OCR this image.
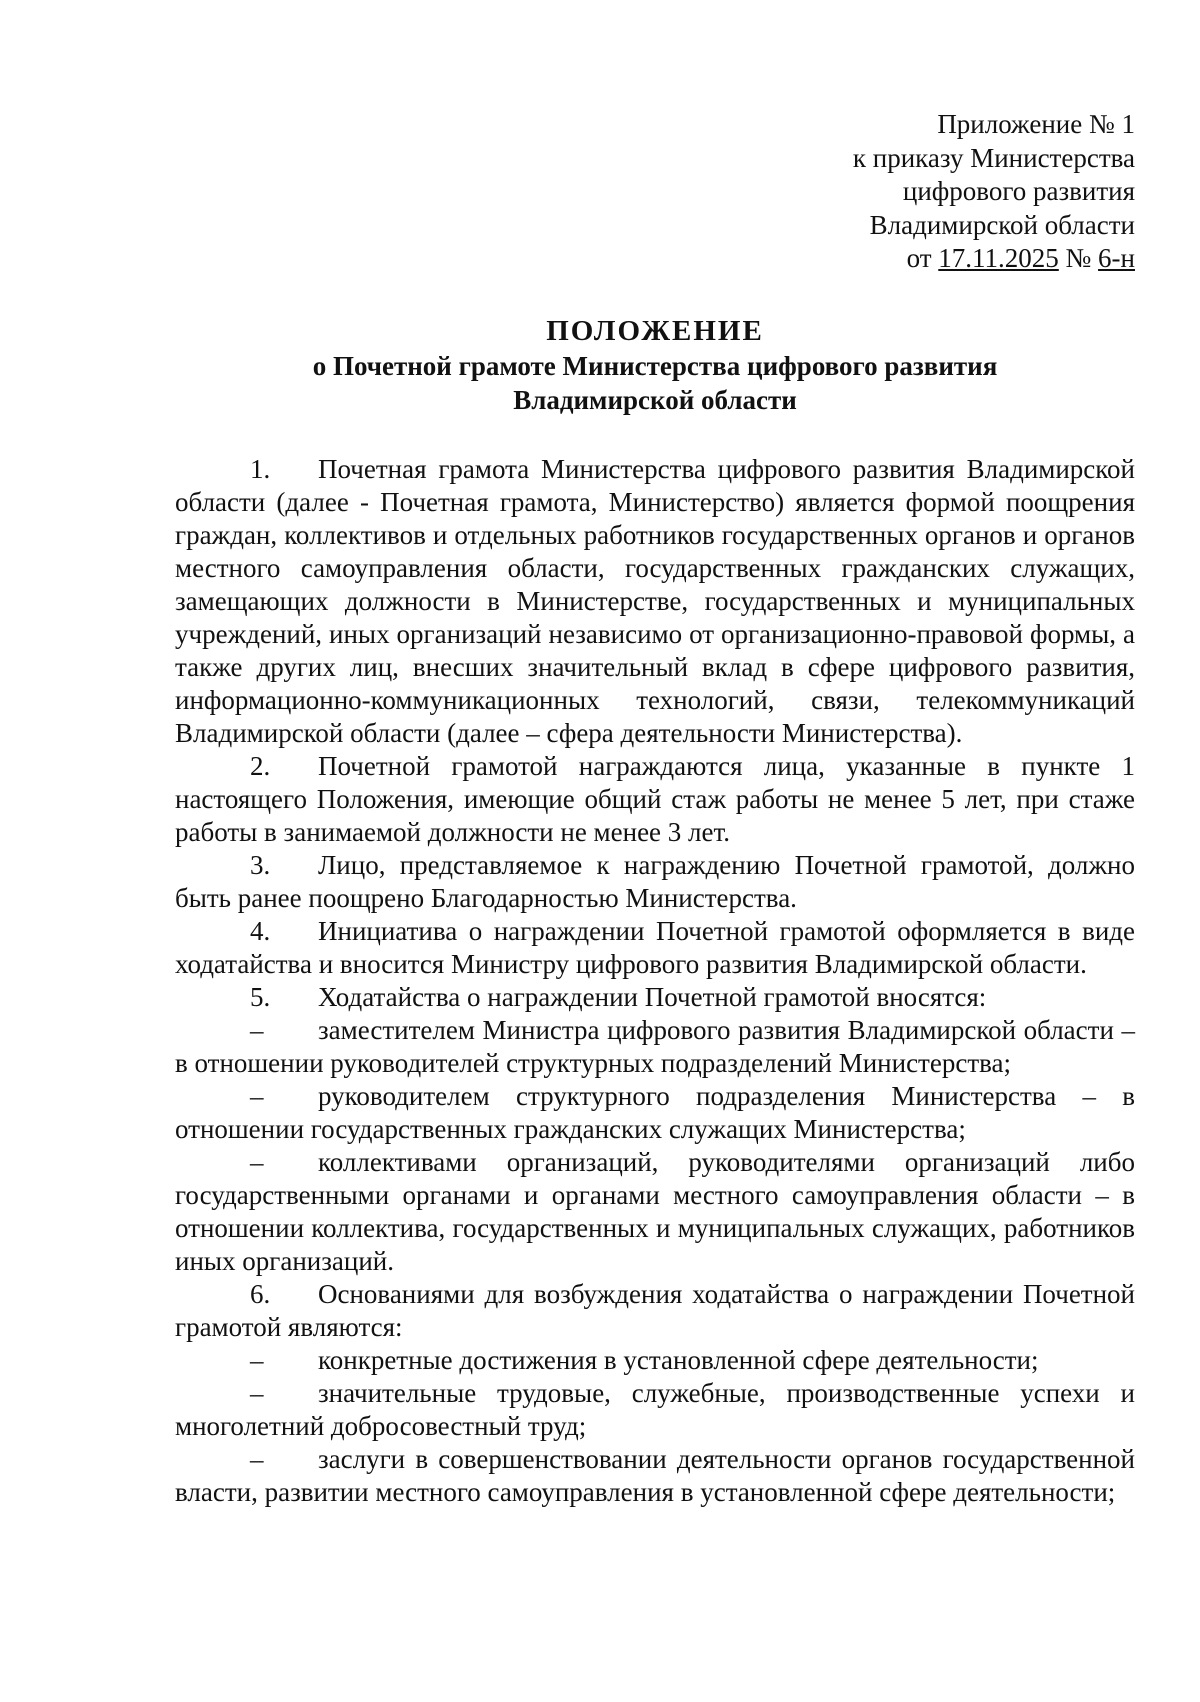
Приложение № 1
к приказу Министерства
цифрового развития
Владимирской области
от 17.11.2025 № 6-н
ПОЛОЖЕНИЕ
о Почетной грамоте Министерства цифрового развития
Владимирской области

1. Почетная грамота Министерства цифрового развития Владимирской области (далее - Почетная грамота, Министерство) является формой поощрения граждан, коллективов и отдельных работников государственных органов и органов местного самоуправления области, государственных гражданских служащих, замещающих должности в Министерстве, государственных и муниципальных учреждений, иных организаций независимо от организационно-правовой формы, а также других лиц, внесших значительный вклад в сфере цифрового развития, информационно-коммуникационных технологий, связи, телекоммуникаций Владимирской области (далее – сфера деятельности Министерства).

2. Почетной грамотой награждаются лица, указанные в пункте 1 настоящего Положения, имеющие общий стаж работы не менее 5 лет, при стаже работы в занимаемой должности не менее 3 лет.

3. Лицо, представляемое к награждению Почетной грамотой, должно быть ранее поощрено Благодарностью Министерства.

4. Инициатива о награждении Почетной грамотой оформляется в виде ходатайства и вносится Министру цифрового развития Владимирской области.

5. Ходатайства о награждении Почетной грамотой вносятся:

– заместителем Министра цифрового развития Владимирской области – в отношении руководителей структурных подразделений Министерства;

– руководителем структурного подразделения Министерства – в отношении государственных гражданских служащих Министерства;

– коллективами организаций, руководителями организаций либо государственными органами и органами местного самоуправления области – в отношении коллектива, государственных и муниципальных служащих, работников иных организаций.

6. Основаниями для возбуждения ходатайства о награждении Почетной грамотой являются:

– конкретные достижения в установленной сфере деятельности;

– значительные трудовые, служебные, производственные успехи и многолетний добросовестный труд;

– заслуги в совершенствовании деятельности органов государственной власти, развитии местного самоуправления в установленной сфере деятельности;
